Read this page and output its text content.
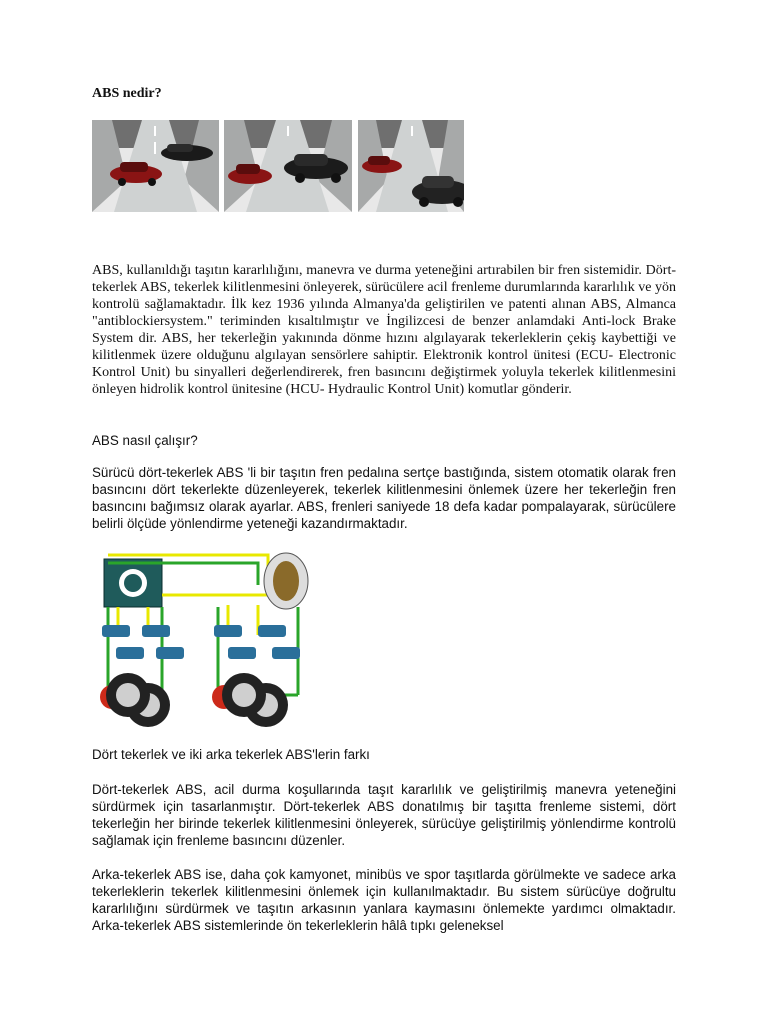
ABS nedir?

ABS, kullanıldığı taşıtın kararlılığını, manevra ve durma yeteneğini artırabilen bir fren sistemidir. Dört-tekerlek ABS, tekerlek kilitlenmesini önleyerek, sürücülere acil frenleme durumlarında kararlılık ve yön kontrolü sağlamaktadır. İlk kez 1936 yılında Almanya'da geliştirilen ve patenti alınan ABS, Almanca "antiblockiersystem." teriminden kısaltılmıştır ve İngilizcesi de benzer anlamdaki Anti-lock Brake System dir. ABS, her tekerleğin yakınında dönme hızını algılayarak tekerleklerin çekiş kaybettiği ve kilitlenmek üzere olduğunu algılayan sensörlere sahiptir. Elektronik kontrol ünitesi (ECU- Electronic Kontrol Unit) bu sinyalleri değerlendirerek, fren basıncını değiştirmek yoluyla tekerlek kilitlenmesini önleyen hidrolik kontrol ünitesine (HCU- Hydraulic Kontrol Unit) komutlar gönderir.

ABS nasıl çalışır?

Sürücü dört-tekerlek ABS 'li bir taşıtın fren pedalına sertçe bastığında, sistem otomatik olarak fren basıncını dört tekerlekte düzenleyerek, tekerlek kilitlenmesini önlemek üzere her tekerleğin fren basıncını bağımsız olarak ayarlar. ABS, frenleri saniyede 18 defa kadar pompalayarak, sürücülere belirli ölçüde yönlendirme yeteneği kazandırmaktadır.

Dört tekerlek ve iki arka tekerlek ABS'lerin farkı

Dört-tekerlek ABS, acil durma koşullarında taşıt kararlılık ve geliştirilmiş manevra yeteneğini sürdürmek için tasarlanmıştır. Dört-tekerlek ABS donatılmış bir taşıtta frenleme sistemi, dört tekerleğin her birinde tekerlek kilitlenmesini önleyerek, sürücüye geliştirilmiş yönlendirme kontrolü sağlamak için frenleme basıncını düzenler.

Arka-tekerlek ABS ise, daha çok kamyonet, minibüs ve spor taşıtlarda görülmekte ve sadece arka tekerleklerin tekerlek kilitlenmesini önlemek için kullanılmaktadır. Bu sistem sürücüye doğrultu kararlılığını sürdürmek ve taşıtın arkasının yanlara kaymasını önlemekte yardımcı olmaktadır. Arka-tekerlek ABS sistemlerinde ön tekerleklerin hâlâ tıpkı geleneksel
